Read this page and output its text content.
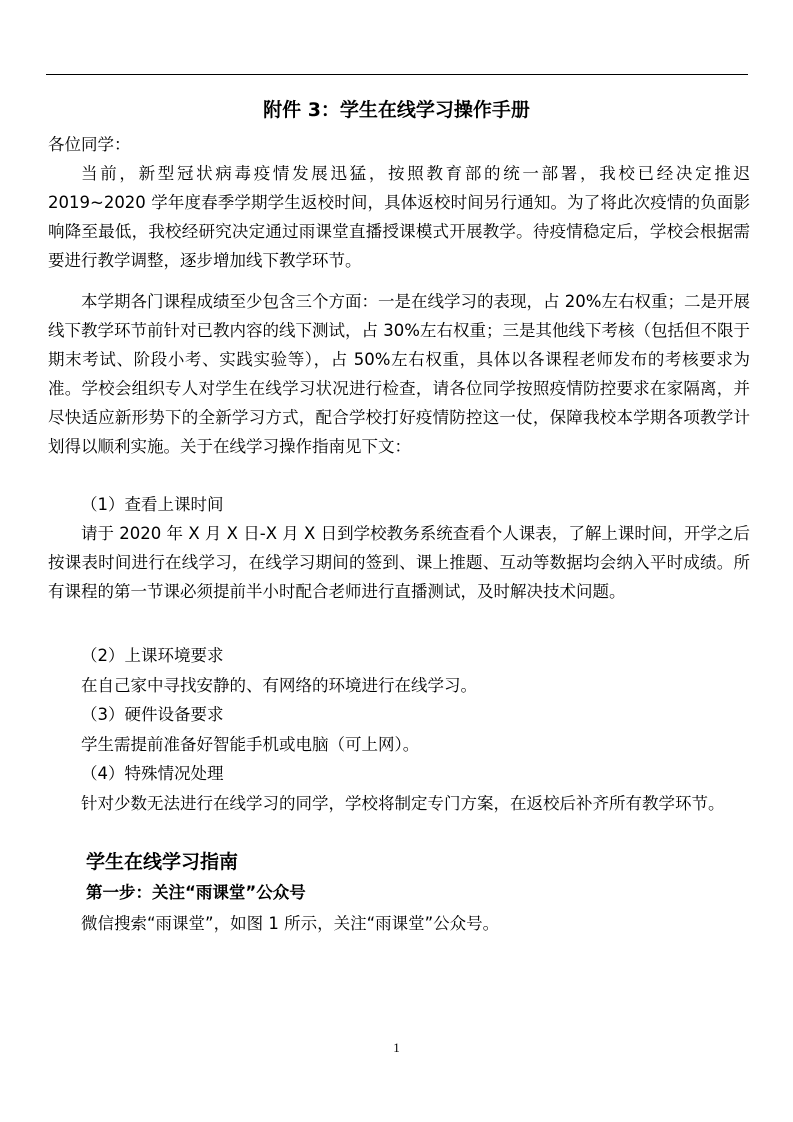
附件 3：学生在线学习操作手册

各位同学：

当前，新型冠状病毒疫情发展迅猛，按照教育部的统一部署，我校已经决定推迟 2019~2020 学年度春季学期学生返校时间，具体返校时间另行通知。为了将此次疫情的负面影响降至最低，我校经研究决定通过雨课堂直播授课模式开展教学。待疫情稳定后，学校会根据需要进行教学调整，逐步增加线下教学环节。

本学期各门课程成绩至少包含三个方面：一是在线学习的表现，占 20%左右权重；二是开展线下教学环节前针对已教内容的线下测试，占 30%左右权重；三是其他线下考核（包括但不限于期末考试、阶段小考、实践实验等），占 50%左右权重，具体以各课程老师发布的考核要求为准。学校会组织专人对学生在线学习状况进行检查，请各位同学按照疫情防控要求在家隔离，并尽快适应新形势下的全新学习方式，配合学校打好疫情防控这一仗，保障我校本学期各项教学计划得以顺利实施。关于在线学习操作指南见下文：

（1）查看上课时间

请于 2020 年 X 月 X 日-X 月 X 日到学校教务系统查看个人课表，了解上课时间，开学之后按课表时间进行在线学习，在线学习期间的签到、课上推题、互动等数据均会纳入平时成绩。所有课程的第一节课必须提前半小时配合老师进行直播测试，及时解决技术问题。

（2）上课环境要求

在自己家中寻找安静的、有网络的环境进行在线学习。

（3）硬件设备要求

学生需提前准备好智能手机或电脑（可上网）。

（4）特殊情况处理

针对少数无法进行在线学习的同学，学校将制定专门方案，在返校后补齐所有教学环节。

学生在线学习指南
第一步：关注“雨课堂”公众号

微信搜索“雨课堂”，如图 1 所示，关注“雨课堂”公众号。

1
